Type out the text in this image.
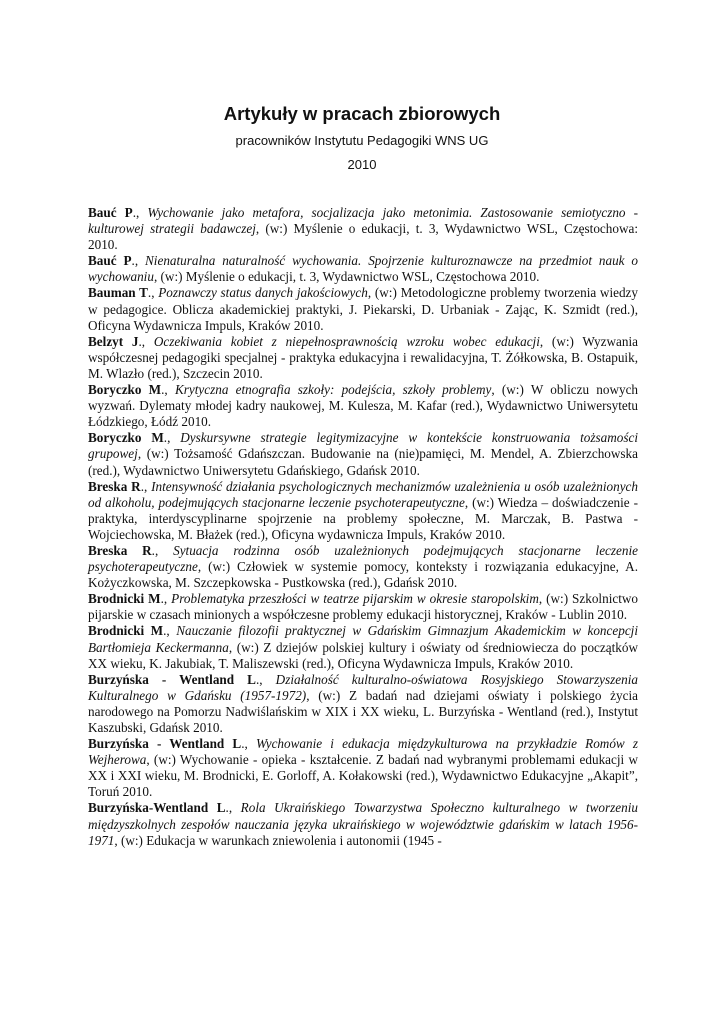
Artykuły w pracach zbiorowych
pracowników Instytutu Pedagogiki WNS UG
2010

Bauć P., Wychowanie jako metafora, socjalizacja jako metonimia. Zastosowanie semiotyczno - kulturowej strategii badawczej, (w:) Myślenie o edukacji, t. 3, Wydawnictwo WSL, Częstochowa: 2010.

Bauć P., Nienaturalna naturalność wychowania. Spojrzenie kulturoznawcze na przedmiot nauk o wychowaniu, (w:) Myślenie o edukacji, t. 3, Wydawnictwo WSL, Częstochowa 2010.

Bauman T., Poznawczy status danych jakościowych, (w:) Metodologiczne problemy tworzenia wiedzy w pedagogice. Oblicza akademickiej praktyki, J. Piekarski, D. Urbaniak - Zając, K. Szmidt (red.), Oficyna Wydawnicza Impuls, Kraków 2010.

Belzyt J., Oczekiwania kobiet z niepełnosprawnością wzroku wobec edukacji, (w:) Wyzwania współczesnej pedagogiki specjalnej - praktyka edukacyjna i rewalidacyjna, T. Żółkowska, B. Ostapuik, M. Wlazło (red.), Szczecin 2010.

Boryczko M., Krytyczna etnografia szkoły: podejścia, szkoły problemy, (w:) W obliczu nowych wyzwań. Dylematy młodej kadry naukowej, M. Kulesza, M. Kafar (red.), Wydawnictwo Uniwersytetu Łódzkiego, Łódź 2010.

Boryczko M., Dyskursywne strategie legitymizacyjne w kontekście konstruowania tożsamości grupowej, (w:) Tożsamość Gdańszczan. Budowanie na (nie)pamięci, M. Mendel, A. Zbierzchowska (red.), Wydawnictwo Uniwersytetu Gdańskiego, Gdańsk 2010.

Breska R., Intensywność działania psychologicznych mechanizmów uzależnienia u osób uzależnionych od alkoholu, podejmujących stacjonarne leczenie psychoterapeutyczne, (w:) Wiedza – doświadczenie - praktyka, interdyscyplinarne spojrzenie na problemy społeczne, M. Marczak, B. Pastwa -Wojciechowska, M. Błażek (red.), Oficyna wydawnicza Impuls, Kraków 2010.

Breska R., Sytuacja rodzinna osób uzależnionych podejmujących stacjonarne leczenie psychoterapeutyczne, (w:) Człowiek w systemie pomocy, konteksty i rozwiązania edukacyjne, A. Kożyczkowska, M. Szczepkowska - Pustkowska (red.), Gdańsk 2010.

Brodnicki M., Problematyka przeszłości w teatrze pijarskim w okresie staropolskim, (w:) Szkolnictwo pijarskie w czasach minionych a współczesne problemy edukacji historycznej, Kraków - Lublin 2010.

Brodnicki M., Nauczanie filozofii praktycznej w Gdańskim Gimnazjum Akademickim w koncepcji Bartłomieja Keckermanna, (w:) Z dziejów polskiej kultury i oświaty od średniowiecza do początków XX wieku, K. Jakubiak, T. Maliszewski (red.), Oficyna Wydawnicza Impuls, Kraków 2010.

Burzyńska - Wentland L., Działalność kulturalno-oświatowa Rosyjskiego Stowarzyszenia Kulturalnego w Gdańsku (1957-1972), (w:) Z badań nad dziejami oświaty i polskiego życia narodowego na Pomorzu Nadwiślańskim w XIX i XX wieku, L. Burzyńska - Wentland (red.), Instytut Kaszubski, Gdańsk 2010.

Burzyńska - Wentland L., Wychowanie i edukacja międzykulturowa na przykładzie Romów z Wejherowa, (w:) Wychowanie - opieka - kształcenie. Z badań nad wybranymi problemami edukacji w XX i XXI wieku, M. Brodnicki, E. Gorloff, A. Kołakowski (red.), Wydawnictwo Edukacyjne „Akapit”, Toruń 2010.

Burzyńska-Wentland L., Rola Ukraińskiego Towarzystwa Społeczno kulturalnego w tworzeniu międzyszkolnych zespołów nauczania języka ukraińskiego w województwie gdańskim w latach 1956-1971, (w:) Edukacja w warunkach zniewolenia i autonomii (1945 -
